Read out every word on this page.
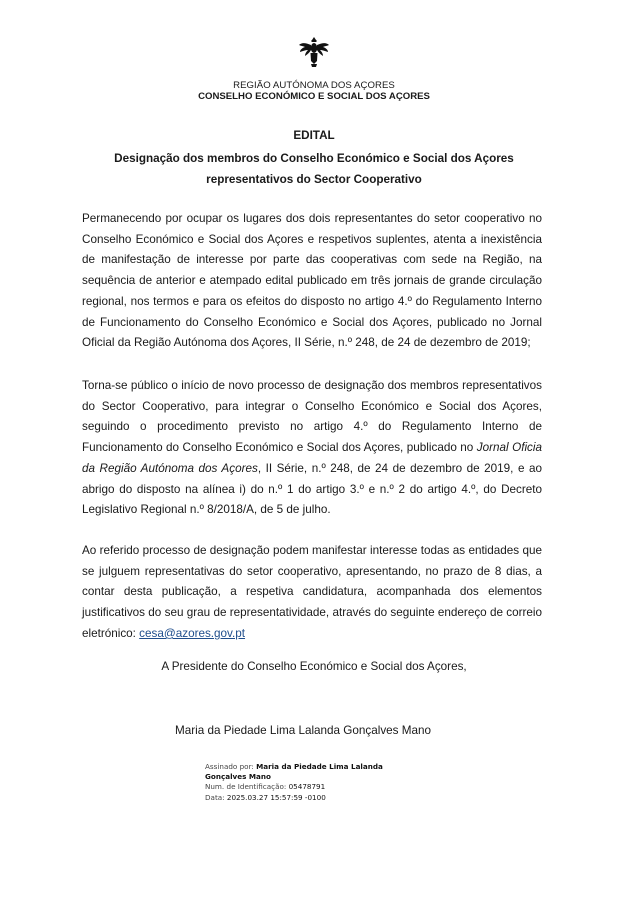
REGIÃO AUTÓNOMA DOS AÇORES
CONSELHO ECONÓMICO E SOCIAL DOS AÇORES
EDITAL
Designação dos membros do Conselho Económico e Social dos Açores
representativos do Sector Cooperativo
Permanecendo por ocupar os lugares dos dois representantes do setor cooperativo no Conselho Económico e Social dos Açores e respetivos suplentes, atenta a inexistência de manifestação de interesse por parte das cooperativas com sede na Região, na sequência de anterior e atempado edital publicado em três jornais de grande circulação regional, nos termos e para os efeitos do disposto no artigo 4.º do Regulamento Interno de Funcionamento do Conselho Económico e Social dos Açores, publicado no Jornal Oficial da Região Autónoma dos Açores, II Série, n.º 248, de 24 de dezembro de 2019;
Torna-se público o início de novo processo de designação dos membros representativos do Sector Cooperativo, para integrar o Conselho Económico e Social dos Açores, seguindo o procedimento previsto no artigo 4.º do Regulamento Interno de Funcionamento do Conselho Económico e Social dos Açores, publicado no Jornal Oficia da Região Autónoma dos Açores, II Série, n.º 248, de 24 de dezembro de 2019, e ao abrigo do disposto na alínea i) do n.º 1 do artigo 3.º e n.º 2 do artigo 4.º, do Decreto Legislativo Regional n.º 8/2018/A, de 5 de julho.
Ao referido processo de designação podem manifestar interesse todas as entidades que se julguem representativas do setor cooperativo, apresentando, no prazo de 8 dias, a contar desta publicação, a respetiva candidatura, acompanhada dos elementos justificativos do seu grau de representatividade, através do seguinte endereço de correio eletrónico: cesa@azores.gov.pt
A Presidente do Conselho Económico e Social dos Açores,
Maria da Piedade Lima Lalanda Gonçalves Mano
Assinado por: Maria da Piedade Lima Lalanda
Gonçalves Mano
Num. de Identificação: 05478791
Data: 2025.03.27 15:57:59 -0100
